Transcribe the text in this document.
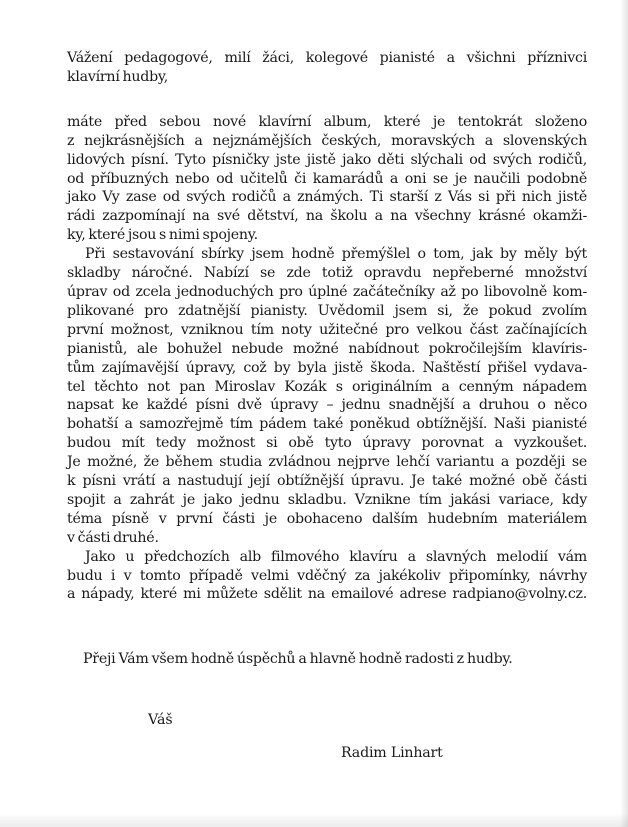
Vážení pedagogové, milí žáci, kolegové pianisté a všichni příznivci
klavírní hudby,
máte před sebou nové klavírní album, které je tentokrát složeno
z nejkrásnějších a nejznámějších českých, moravských a slovenských
lidových písní. Tyto písničky jste jistě jako děti slýchali od svých rodičů,
od příbuzných nebo od učitelů či kamarádů a oni se je naučili podobně
jako Vy zase od svých rodičů a známých. Ti starší z Vás si při nich jistě
rádi zazpomínají na své dětství, na školu a na všechny krásné okamži-
ky, které jsou s nimi spojeny.
Při sestavování sbírky jsem hodně přemýšlel o tom, jak by měly být
skladby náročné. Nabízí se zde totiž opravdu nepřeberné množství
úprav od zcela jednoduchých pro úplné začátečníky až po libovolně kom-
plikované pro zdatnější pianisty. Uvědomil jsem si, že pokud zvolím
první možnost, vzniknou tím noty užitečné pro velkou část začínajících
pianistů, ale bohužel nebude možné nabídnout pokročilejším klavíris-
tům zajímavější úpravy, což by byla jistě škoda. Naštěstí přišel vydava-
tel těchto not pan Miroslav Kozák s originálním a cenným nápadem
napsat ke každé písni dvě úpravy – jednu snadnější a druhou o něco
bohatší a samozřejmě tím pádem také poněkud obtížnější. Naši pianisté
budou mít tedy možnost si obě tyto úpravy porovnat a vyzkoušet.
Je možné, že během studia zvládnou nejprve lehčí variantu a později se
k písni vrátí a nastudují její obtížnější úpravu. Je také možné obě části
spojit a zahrát je jako jednu skladbu. Vznikne tím jakási variace, kdy
téma písně v první části je obohaceno dalším hudebním materiálem
v části druhé.
Jako u předchozích alb filmového klavíru a slavných melodií vám
budu i v tomto případě velmi vděčný za jakékoliv připomínky, návrhy
a nápady, které mi můžete sdělit na emailové adrese radpiano@volny.cz.
Přeji Vám všem hodně úspěchů a hlavně hodně radosti z hudby.
Váš
Radim Linhart
